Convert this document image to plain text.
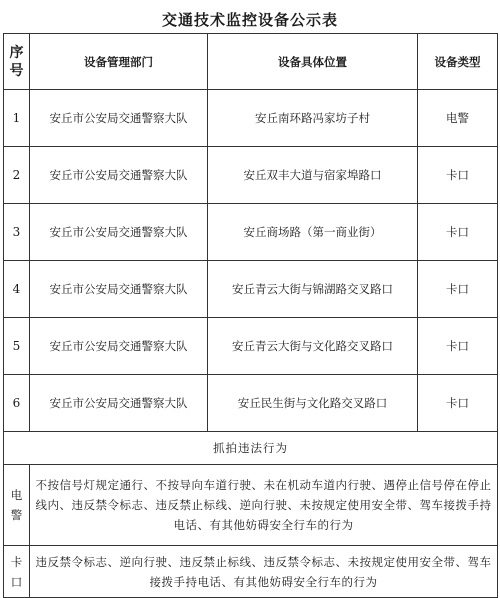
交通技术监控设备公示表
序号	设备管理部门	设备具体位置	设备类型
1	安丘市公安局交通警察大队	安丘南环路冯家坊子村	电警
2	安丘市公安局交通警察大队	安丘双丰大道与宿家埠路口	卡口
3	安丘市公安局交通警察大队	安丘商场路（第一商业街）	卡口
4	安丘市公安局交通警察大队	安丘青云大街与锦湖路交叉路口	卡口
5	安丘市公安局交通警察大队	安丘青云大街与文化路交叉路口	卡口
6	安丘市公安局交通警察大队	安丘民生街与文化路交叉路口	卡口
抓拍违法行为			
电警	不按信号灯规定通行、不按导向车道行驶、未在机动车道内行驶、遇停止信号停在停止线内、违反禁令标志、违反禁止标线、逆向行驶、未按规定使用安全带、驾车接拨手持电话、有其他妨碍安全行车的行为		
卡口	违反禁令标志、逆向行驶、违反禁止标线、违反禁令标志、未按规定使用安全带、驾车接拨手持电话、有其他妨碍安全行车的行为		
